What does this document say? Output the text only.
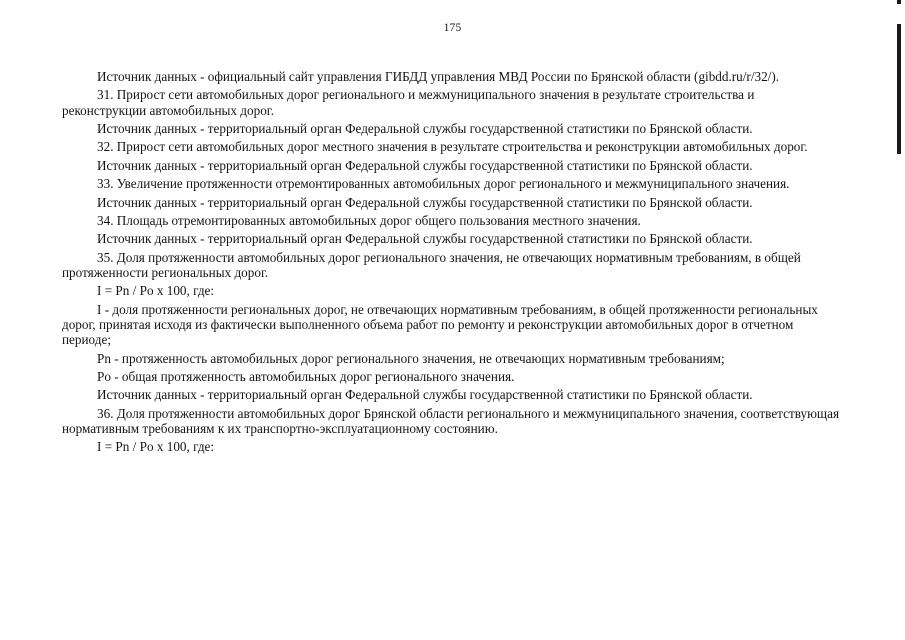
175

Источник данных - официальный сайт управления ГИБДД управления МВД России по Брянской области (gibdd.ru/r/32/).

31. Прирост сети автомобильных дорог регионального и межмуниципального значения в результате строительства и реконструкции автомобильных дорог.

Источник данных - территориальный орган Федеральной службы государственной статистики по Брянской области.

32. Прирост сети автомобильных дорог местного значения в результате строительства и реконструкции автомобильных дорог.

Источник данных - территориальный орган Федеральной службы государственной статистики по Брянской области.

33. Увеличение протяженности отремонтированных автомобильных дорог регионального и межмуниципального значения.

Источник данных - территориальный орган Федеральной службы государственной статистики по Брянской области.

34. Площадь отремонтированных автомобильных дорог общего пользования местного значения.

Источник данных - территориальный орган Федеральной службы государственной статистики по Брянской области.

35. Доля протяженности автомобильных дорог регионального значения, не отвечающих нормативным требованиям, в общей протяженности региональных дорог.

I = Pn / Po x 100, где:

I - доля протяженности региональных дорог, не отвечающих нормативным требованиям, в общей протяженности региональных дорог, принятая исходя из фактически выполненного объема работ по ремонту и реконструкции автомобильных дорог в отчетном периоде;

Pn - протяженность автомобильных дорог регионального значения, не отвечающих нормативным требованиям;

Po - общая протяженность автомобильных дорог регионального значения.

Источник данных - территориальный орган Федеральной службы государственной статистики по Брянской области.

36. Доля протяженности автомобильных дорог Брянской области регионального и межмуниципального значения, соответствующая нормативным требованиям к их транспортно-эксплуатационному состоянию.

I = Pn / Po x 100, где:
